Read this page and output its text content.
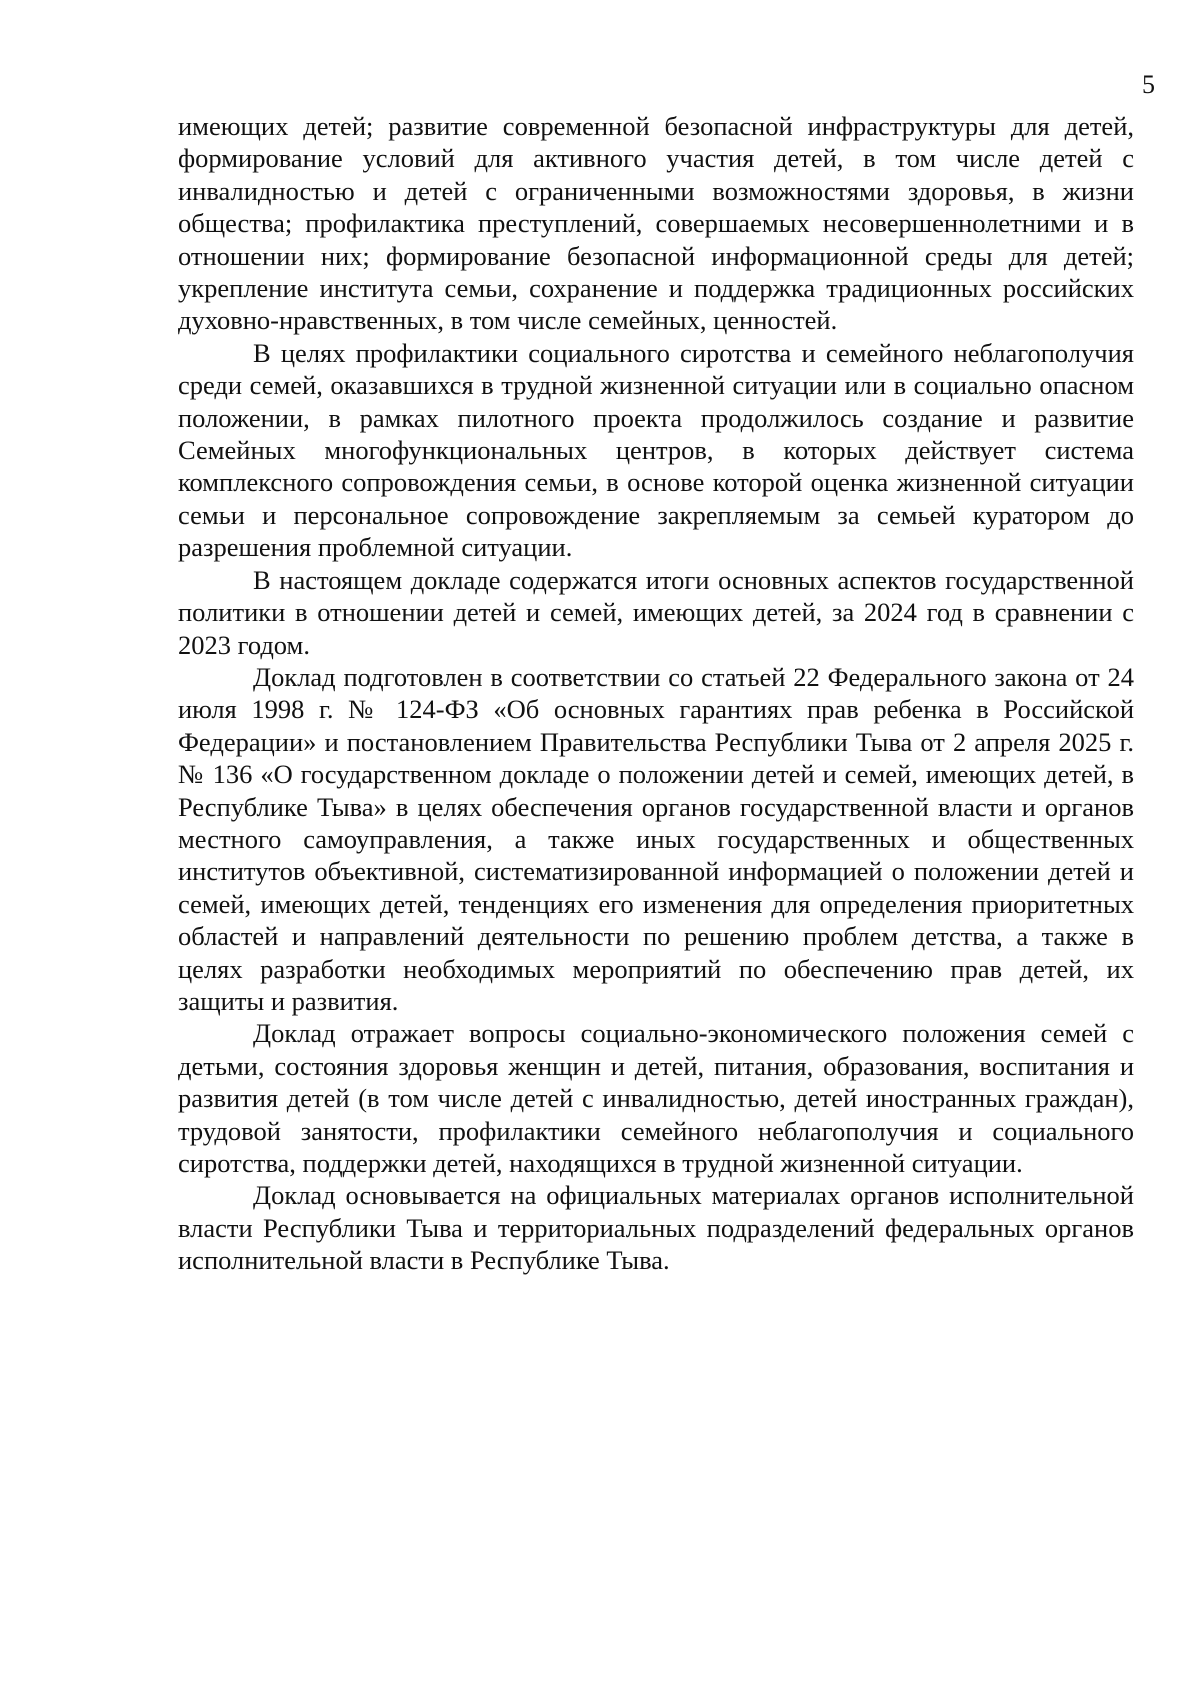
5

имеющих детей; развитие современной безопасной инфраструктуры для детей, формирование условий для активного участия детей, в том числе детей с инвалидностью и детей с ограниченными возможностями здоровья, в жизни общества; профилактика преступлений, совершаемых несовершеннолетними и в отношении них; формирование безопасной информационной среды для детей; укрепление института семьи, сохранение и поддержка традиционных российских духовно-нравственных, в том числе семейных, ценностей.

В целях профилактики социального сиротства и семейного неблагополучия среди семей, оказавшихся в трудной жизненной ситуации или в социально опасном положении, в рамках пилотного проекта продолжилось создание и развитие Семейных многофункциональных центров, в которых действует система комплексного сопровождения семьи, в основе которой оценка жизненной ситуации семьи и персональное сопровождение закрепляемым за семьей куратором до разрешения проблемной ситуации.

В настоящем докладе содержатся итоги основных аспектов государственной политики в отношении детей и семей, имеющих детей, за 2024 год в сравнении с 2023 годом.

Доклад подготовлен в соответствии со статьей 22 Федерального закона от 24 июля 1998 г. № 124-ФЗ «Об основных гарантиях прав ребенка в Российской Федерации» и постановлением Правительства Республики Тыва от 2 апреля 2025 г. № 136 «О государственном докладе о положении детей и семей, имеющих детей, в Республике Тыва» в целях обеспечения органов государственной власти и органов местного самоуправления, а также иных государственных и общественных институтов объективной, систематизированной информацией о положении детей и семей, имеющих детей, тенденциях его изменения для определения приоритетных областей и направлений деятельности по решению проблем детства, а также в целях разработки необходимых мероприятий по обеспечению прав детей, их защиты и развития.

Доклад отражает вопросы социально-экономического положения семей с детьми, состояния здоровья женщин и детей, питания, образования, воспитания и развития детей (в том числе детей с инвалидностью, детей иностранных граждан), трудовой занятости, профилактики семейного неблагополучия и социального сиротства, поддержки детей, находящихся в трудной жизненной ситуации.

Доклад основывается на официальных материалах органов исполнительной власти Республики Тыва и территориальных подразделений федеральных органов исполнительной власти в Республике Тыва.
